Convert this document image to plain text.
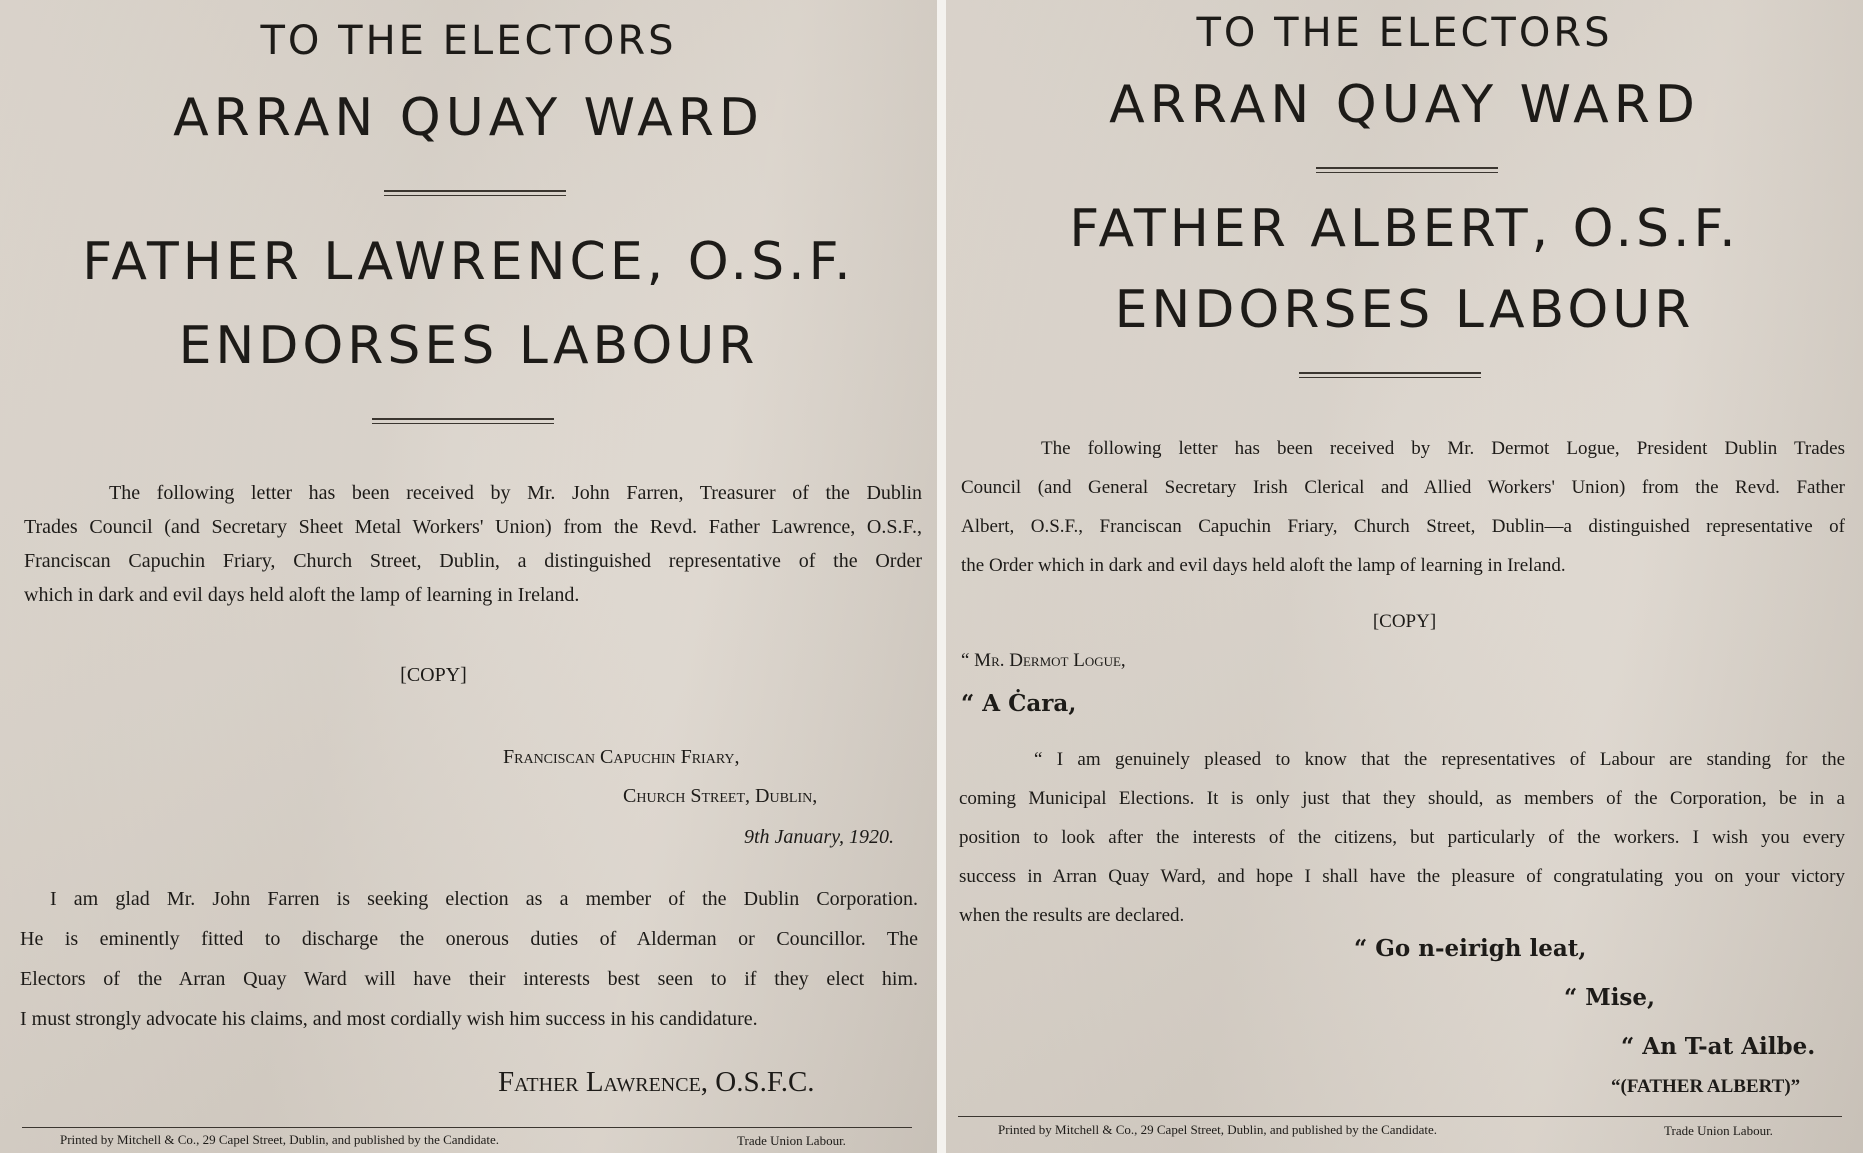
TO THE ELECTORS
ARRAN QUAY WARD
FATHER LAWRENCE, O.S.F.
ENDORSES LABOUR
The following letter has been received by Mr. John Farren, Treasurer of the Dublin
Trades Council (and Secretary Sheet Metal Workers' Union) from the Revd. Father Lawrence, O.S.F.,
Franciscan Capuchin Friary, Church Street, Dublin, a distinguished representative of the Order
which in dark and evil days held aloft the lamp of learning in Ireland.
[COPY]
Franciscan Capuchin Friary,
Church Street, Dublin,
9th January, 1920.
I am glad Mr. John Farren is seeking election as a member of the Dublin Corporation.
He is eminently fitted to discharge the onerous duties of Alderman or Councillor. The
Electors of the Arran Quay Ward will have their interests best seen to if they elect him.
I must strongly advocate his claims, and most cordially wish him success in his candidature.
Father Lawrence, O.S.F.C.
Printed by Mitchell & Co., 29 Capel Street, Dublin, and published by the Candidate.	Trade Union Labour.
TO THE ELECTORS
ARRAN QUAY WARD
FATHER ALBERT, O.S.F.
ENDORSES LABOUR
The following letter has been received by Mr. Dermot Logue, President Dublin Trades
Council (and General Secretary Irish Clerical and Allied Workers' Union) from the Revd. Father
Albert, O.S.F., Franciscan Capuchin Friary, Church Street, Dublin—a distinguished representative of
the Order which in dark and evil days held aloft the lamp of learning in Ireland.
[COPY]
“ Mr. Dermot Logue,
“ A Ċara,
“ I am genuinely pleased to know that the representatives of Labour are standing for the
coming Municipal Elections. It is only just that they should, as members of the Corporation, be in a
position to look after the interests of the citizens, but particularly of the workers. I wish you every
success in Arran Quay Ward, and hope I shall have the pleasure of congratulating you on your victory
when the results are declared.
“ Go n-eirigh leat,
“ Mise,
“ An T-at Ailbe.
“(FATHER ALBERT)”
Printed by Mitchell & Co., 29 Capel Street, Dublin, and published by the Candidate.	Trade Union Labour.
